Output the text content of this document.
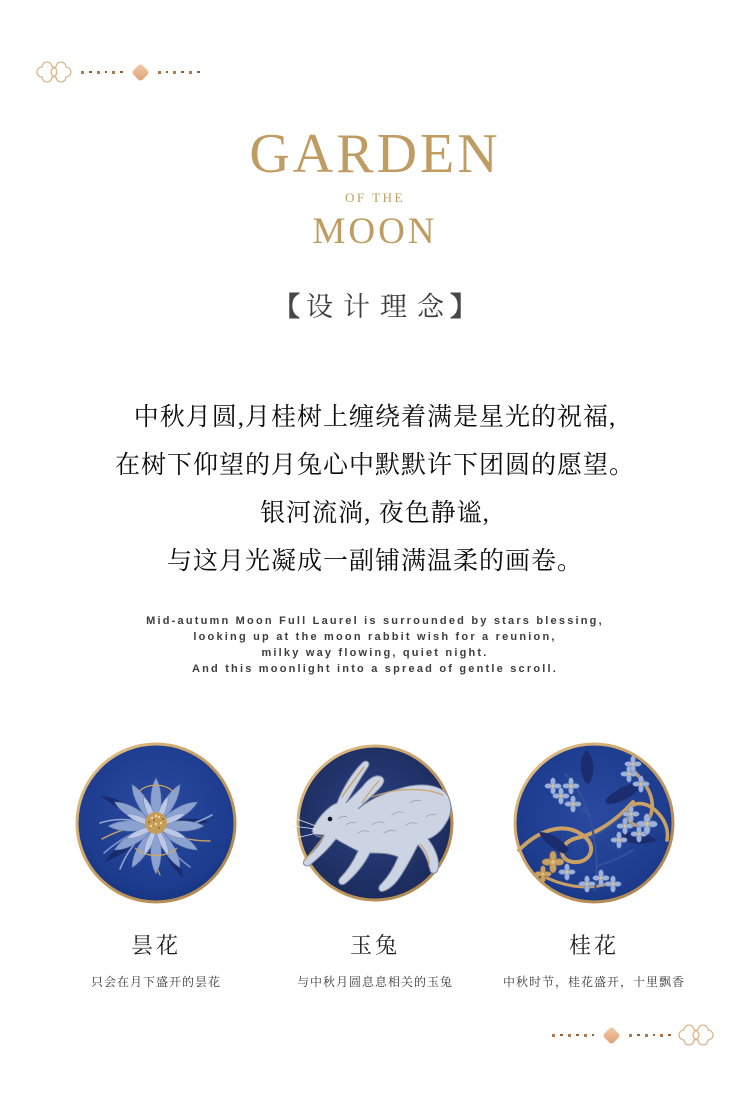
GARDEN
OF THE
MOON
【 设计理念】
中秋月圆,月桂树上缠绕着满是星光的祝福,
在树下仰望的月兔心中默默许下团圆的愿望。
银河流淌, 夜色静谧,
与这月光凝成一副铺满温柔的画卷。
Mid-autumn Moon Full Laurel is surrounded by stars blessing,
looking up at the moon rabbit wish for a reunion,
milky way flowing, quiet night.
And this moonlight into a spread of gentle scroll.
昙花
只会在月下盛开的昙花
玉兔
与中秋月圆息息相关的玉兔
桂花
中秋时节，桂花盛开，十里飘香
